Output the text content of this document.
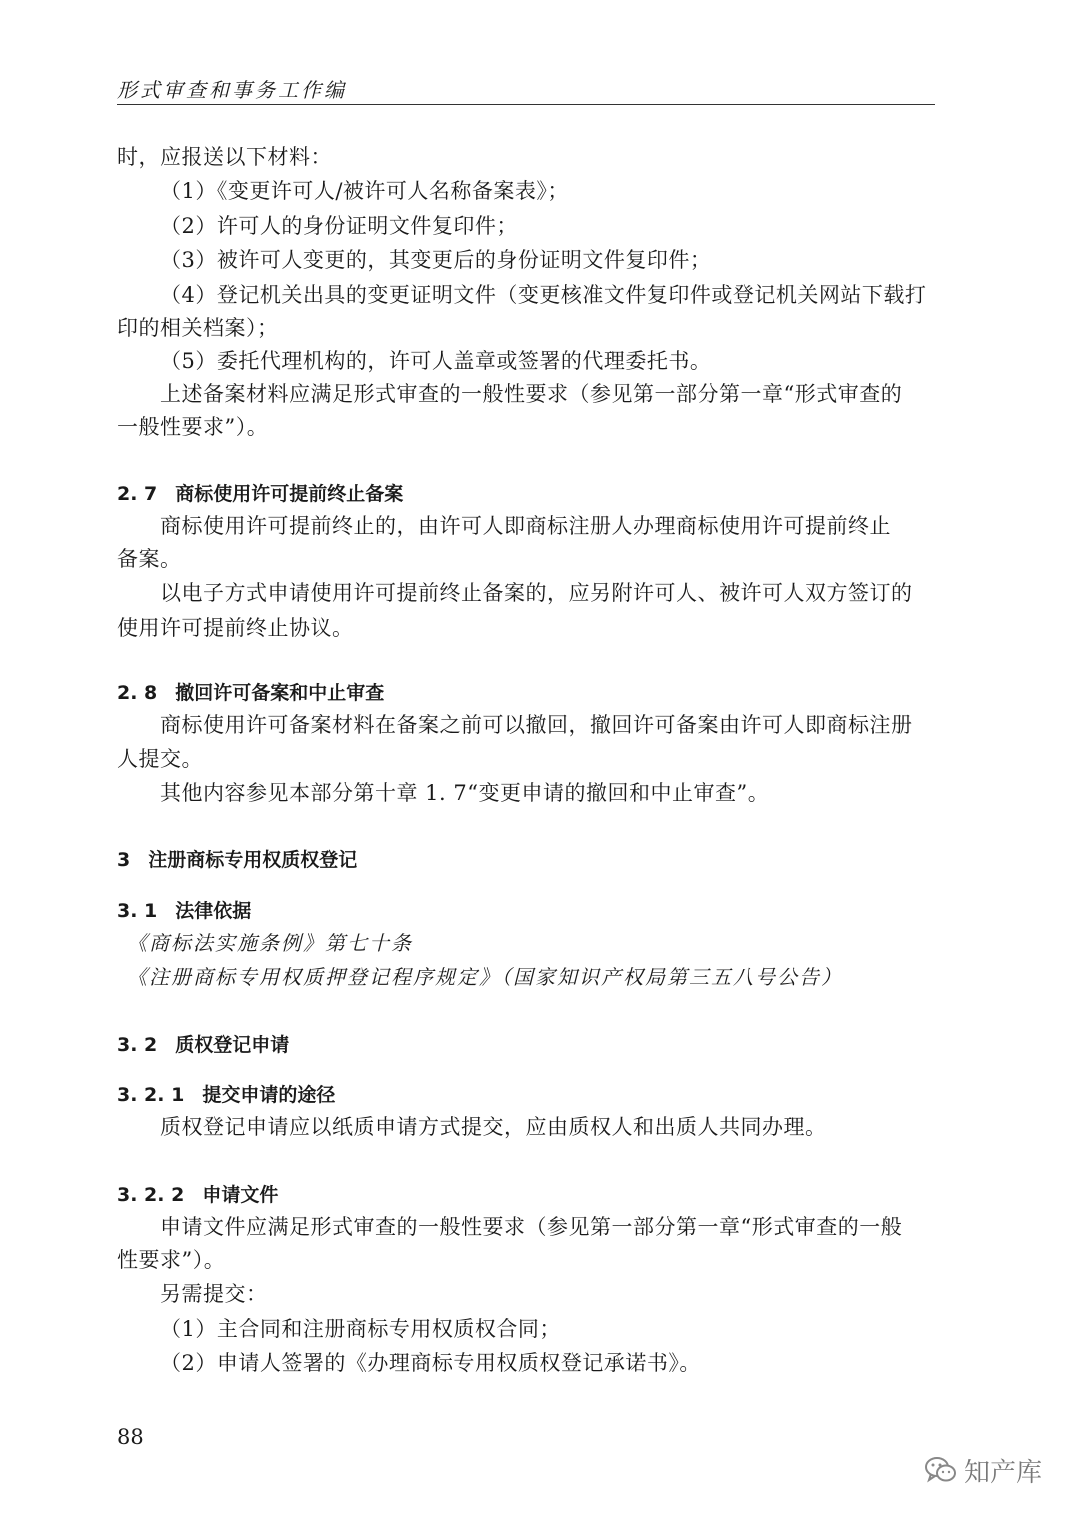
形式审查和事务工作编
时，应报送以下材料：
（1）《变更许可人/被许可人名称备案表》；
（2）许可人的身份证明文件复印件；
（3）被许可人变更的，其变更后的身份证明文件复印件；
（4）登记机关出具的变更证明文件（变更核准文件复印件或登记机关网站下载打
印的相关档案）；
（5）委托代理机构的，许可人盖章或签署的代理委托书。
上述备案材料应满足形式审查的一般性要求（参见第一部分第一章“形式审查的
一般性要求”）。
2. 7 商标使用许可提前终止备案
商标使用许可提前终止的，由许可人即商标注册人办理商标使用许可提前终止
备案。
以电子方式申请使用许可提前终止备案的，应另附许可人、被许可人双方签订的
使用许可提前终止协议。
2. 8 撤回许可备案和中止审查
商标使用许可备案材料在备案之前可以撤回，撤回许可备案由许可人即商标注册
人提交。
其他内容参见本部分第十章 1. 7“变更申请的撤回和中止审查”。
3 注册商标专用权质权登记
3. 1 法律依据
《商标法实施条例》第七十条
《注册商标专用权质押登记程序规定》（国家知识产权局第三五八号公告）
3. 2 质权登记申请
3. 2. 1 提交申请的途径
质权登记申请应以纸质申请方式提交，应由质权人和出质人共同办理。
3. 2. 2 申请文件
申请文件应满足形式审查的一般性要求（参见第一部分第一章“形式审查的一般
性要求”）。
另需提交：
（1）主合同和注册商标专用权质权合同；
（2）申请人签署的《办理商标专用权质权登记承诺书》。
88
知产库
